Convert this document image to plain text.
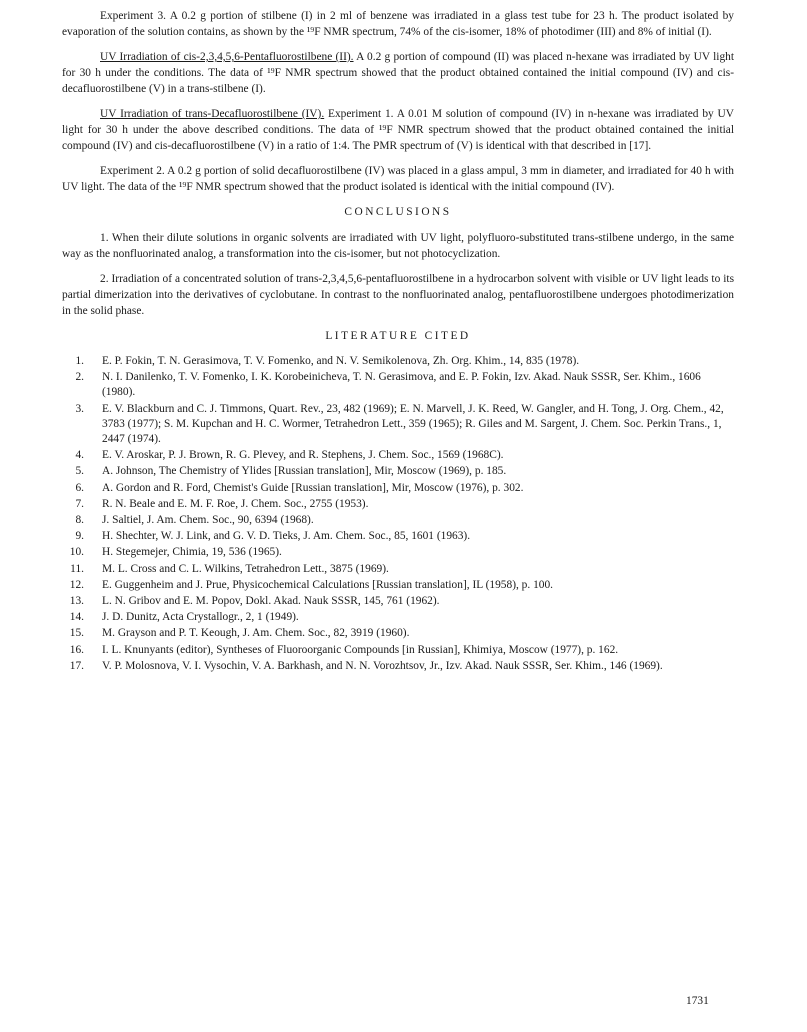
Experiment 3. A 0.2 g portion of stilbene (I) in 2 ml of benzene was irradiated in a glass test tube for 23 h. The product isolated by evaporation of the solution contains, as shown by the ¹⁹F NMR spectrum, 74% of the cis-isomer, 18% of photodimer (III) and 8% of initial (I).

UV Irradiation of cis-2,3,4,5,6-Pentafluorostilbene (II). A 0.2 g portion of compound (II) was placed n-hexane was irradiated by UV light for 30 h under the conditions. The data of ¹⁹F NMR spectrum showed that the product obtained contained the initial compound (IV) and cis-decafluorostilbene (V) in a trans-stilbene (I).

UV Irradiation of trans-Decafluorostilbene (IV). Experiment 1. A 0.01 M solution of compound (IV) in n-hexane was irradiated by UV light for 30 h under the above described conditions. The data of ¹⁹F NMR spectrum showed that the product obtained contained the initial compound (IV) and cis-decafluorostilbene (V) in a ratio of 1:4. The PMR spectrum of (V) is identical with that described in [17].

Experiment 2. A 0.2 g portion of solid decafluorostilbene (IV) was placed in a glass ampul, 3 mm in diameter, and irradiated for 40 h with UV light. The data of the ¹⁹F NMR spectrum showed that the product isolated is identical with the initial compound (IV).

CONCLUSIONS

1. When their dilute solutions in organic solvents are irradiated with UV light, polyfluoro-substituted trans-stilbene undergo, in the same way as the nonfluorinated analog, a transformation into the cis-isomer, but not photocyclization.

2. Irradiation of a concentrated solution of trans-2,3,4,5,6-pentafluorostilbene in a hydrocarbon solvent with visible or UV light leads to its partial dimerization into the derivatives of cyclobutane. In contrast to the nonfluorinated analog, pentafluorostilbene undergoes photodimerization in the solid phase.

LITERATURE CITED
1. E. P. Fokin, T. N. Gerasimova, T. V. Fomenko, and N. V. Semikolenova, Zh. Org. Khim., 14, 835 (1978).
2. N. I. Danilenko, T. V. Fomenko, I. K. Korobeinicheva, T. N. Gerasimova, and E. P. Fokin, Izv. Akad. Nauk SSSR, Ser. Khim., 1606 (1980).
3. E. V. Blackburn and C. J. Timmons, Quart. Rev., 23, 482 (1969); E. N. Marvell, J. K. Reed, W. Gangler, and H. Tong, J. Org. Chem., 42, 3783 (1977); S. M. Kupchan and H. C. Wormer, Tetrahedron Lett., 359 (1965); R. Giles and M. Sargent, J. Chem. Soc. Perkin Trans., 1, 2447 (1974).
4. E. V. Aroskar, P. J. Brown, R. G. Plevey, and R. Stephens, J. Chem. Soc., 1569 (1968C).
5. A. Johnson, The Chemistry of Ylides [Russian translation], Mir, Moscow (1969), p. 185.
6. A. Gordon and R. Ford, Chemist's Guide [Russian translation], Mir, Moscow (1976), p. 302.
7. R. N. Beale and E. M. F. Roe, J. Chem. Soc., 2755 (1953).
8. J. Saltiel, J. Am. Chem. Soc., 90, 6394 (1968).
9. H. Shechter, W. J. Link, and G. V. D. Tieks, J. Am. Chem. Soc., 85, 1601 (1963).
10. H. Stegemejer, Chimia, 19, 536 (1965).
11. M. L. Cross and C. L. Wilkins, Tetrahedron Lett., 3875 (1969).
12. E. Guggenheim and J. Prue, Physicochemical Calculations [Russian translation], IL (1958), p. 100.
13. L. N. Gribov and E. M. Popov, Dokl. Akad. Nauk SSSR, 145, 761 (1962).
14. J. D. Dunitz, Acta Crystallogr., 2, 1 (1949).
15. M. Grayson and P. T. Keough, J. Am. Chem. Soc., 82, 3919 (1960).
16. I. L. Knunyants (editor), Syntheses of Fluoroorganic Compounds [in Russian], Khimiya, Moscow (1977), p. 162.
17. V. P. Molosnova, V. I. Vysochin, V. A. Barkhash, and N. N. Vorozhtsov, Jr., Izv. Akad. Nauk SSSR, Ser. Khim., 146 (1969).
1731
